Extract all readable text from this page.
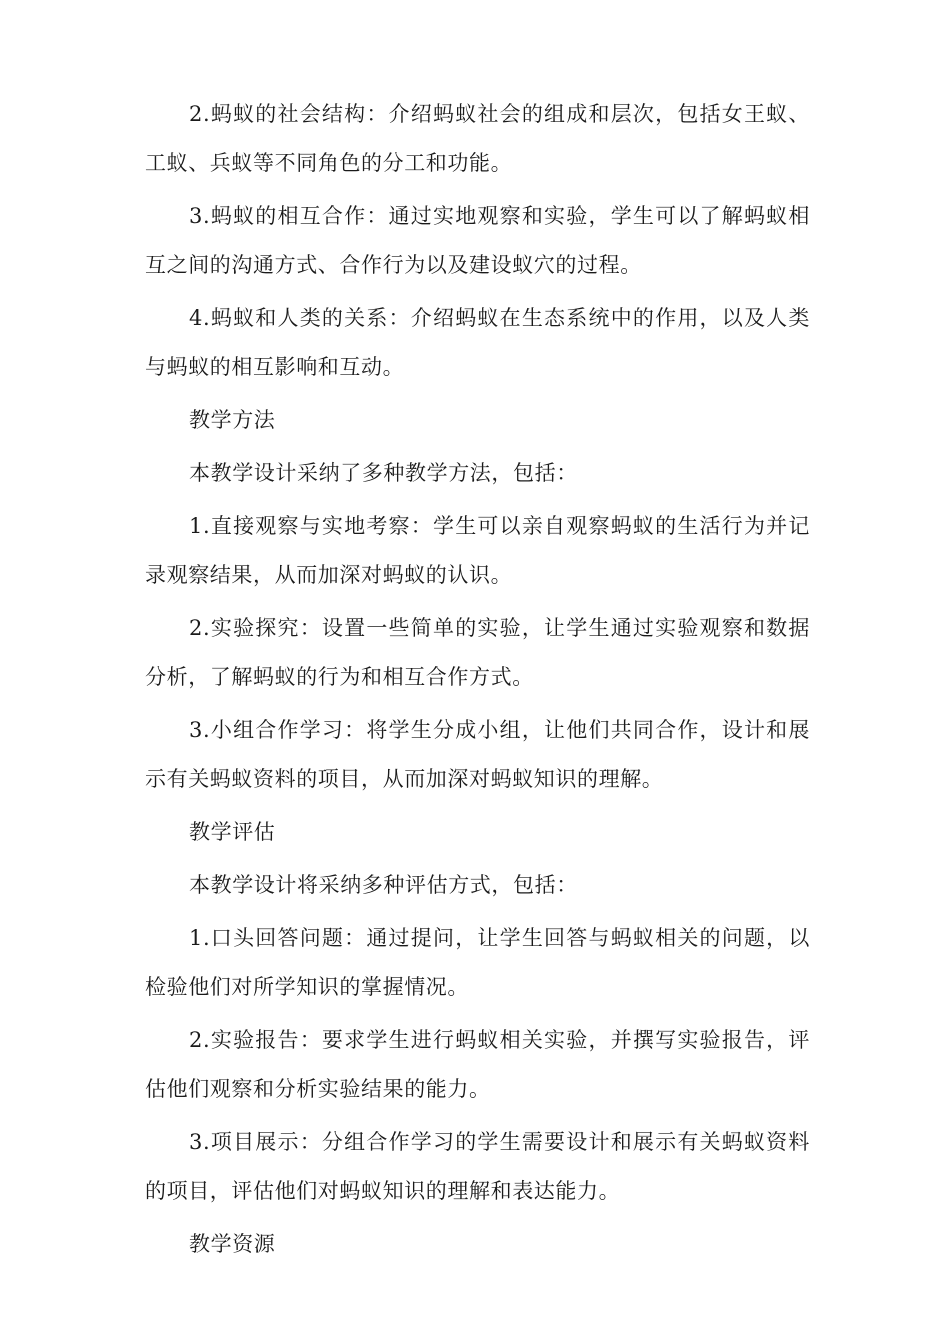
2.蚂蚁的社会结构：介绍蚂蚁社会的组成和层次，包括女王蚁、工蚁、兵蚁等不同角色的分工和功能。

3.蚂蚁的相互合作：通过实地观察和实验，学生可以了解蚂蚁相互之间的沟通方式、合作行为以及建设蚁穴的过程。

4.蚂蚁和人类的关系：介绍蚂蚁在生态系统中的作用，以及人类与蚂蚁的相互影响和互动。

教学方法

本教学设计采纳了多种教学方法，包括：

1.直接观察与实地考察：学生可以亲自观察蚂蚁的生活行为并记录观察结果，从而加深对蚂蚁的认识。

2.实验探究：设置一些简单的实验，让学生通过实验观察和数据分析，了解蚂蚁的行为和相互合作方式。

3.小组合作学习：将学生分成小组，让他们共同合作，设计和展示有关蚂蚁资料的项目，从而加深对蚂蚁知识的理解。

教学评估

本教学设计将采纳多种评估方式，包括：

1.口头回答问题：通过提问，让学生回答与蚂蚁相关的问题，以检验他们对所学知识的掌握情况。

2.实验报告：要求学生进行蚂蚁相关实验，并撰写实验报告，评估他们观察和分析实验结果的能力。

3.项目展示：分组合作学习的学生需要设计和展示有关蚂蚁资料的项目，评估他们对蚂蚁知识的理解和表达能力。

教学资源
